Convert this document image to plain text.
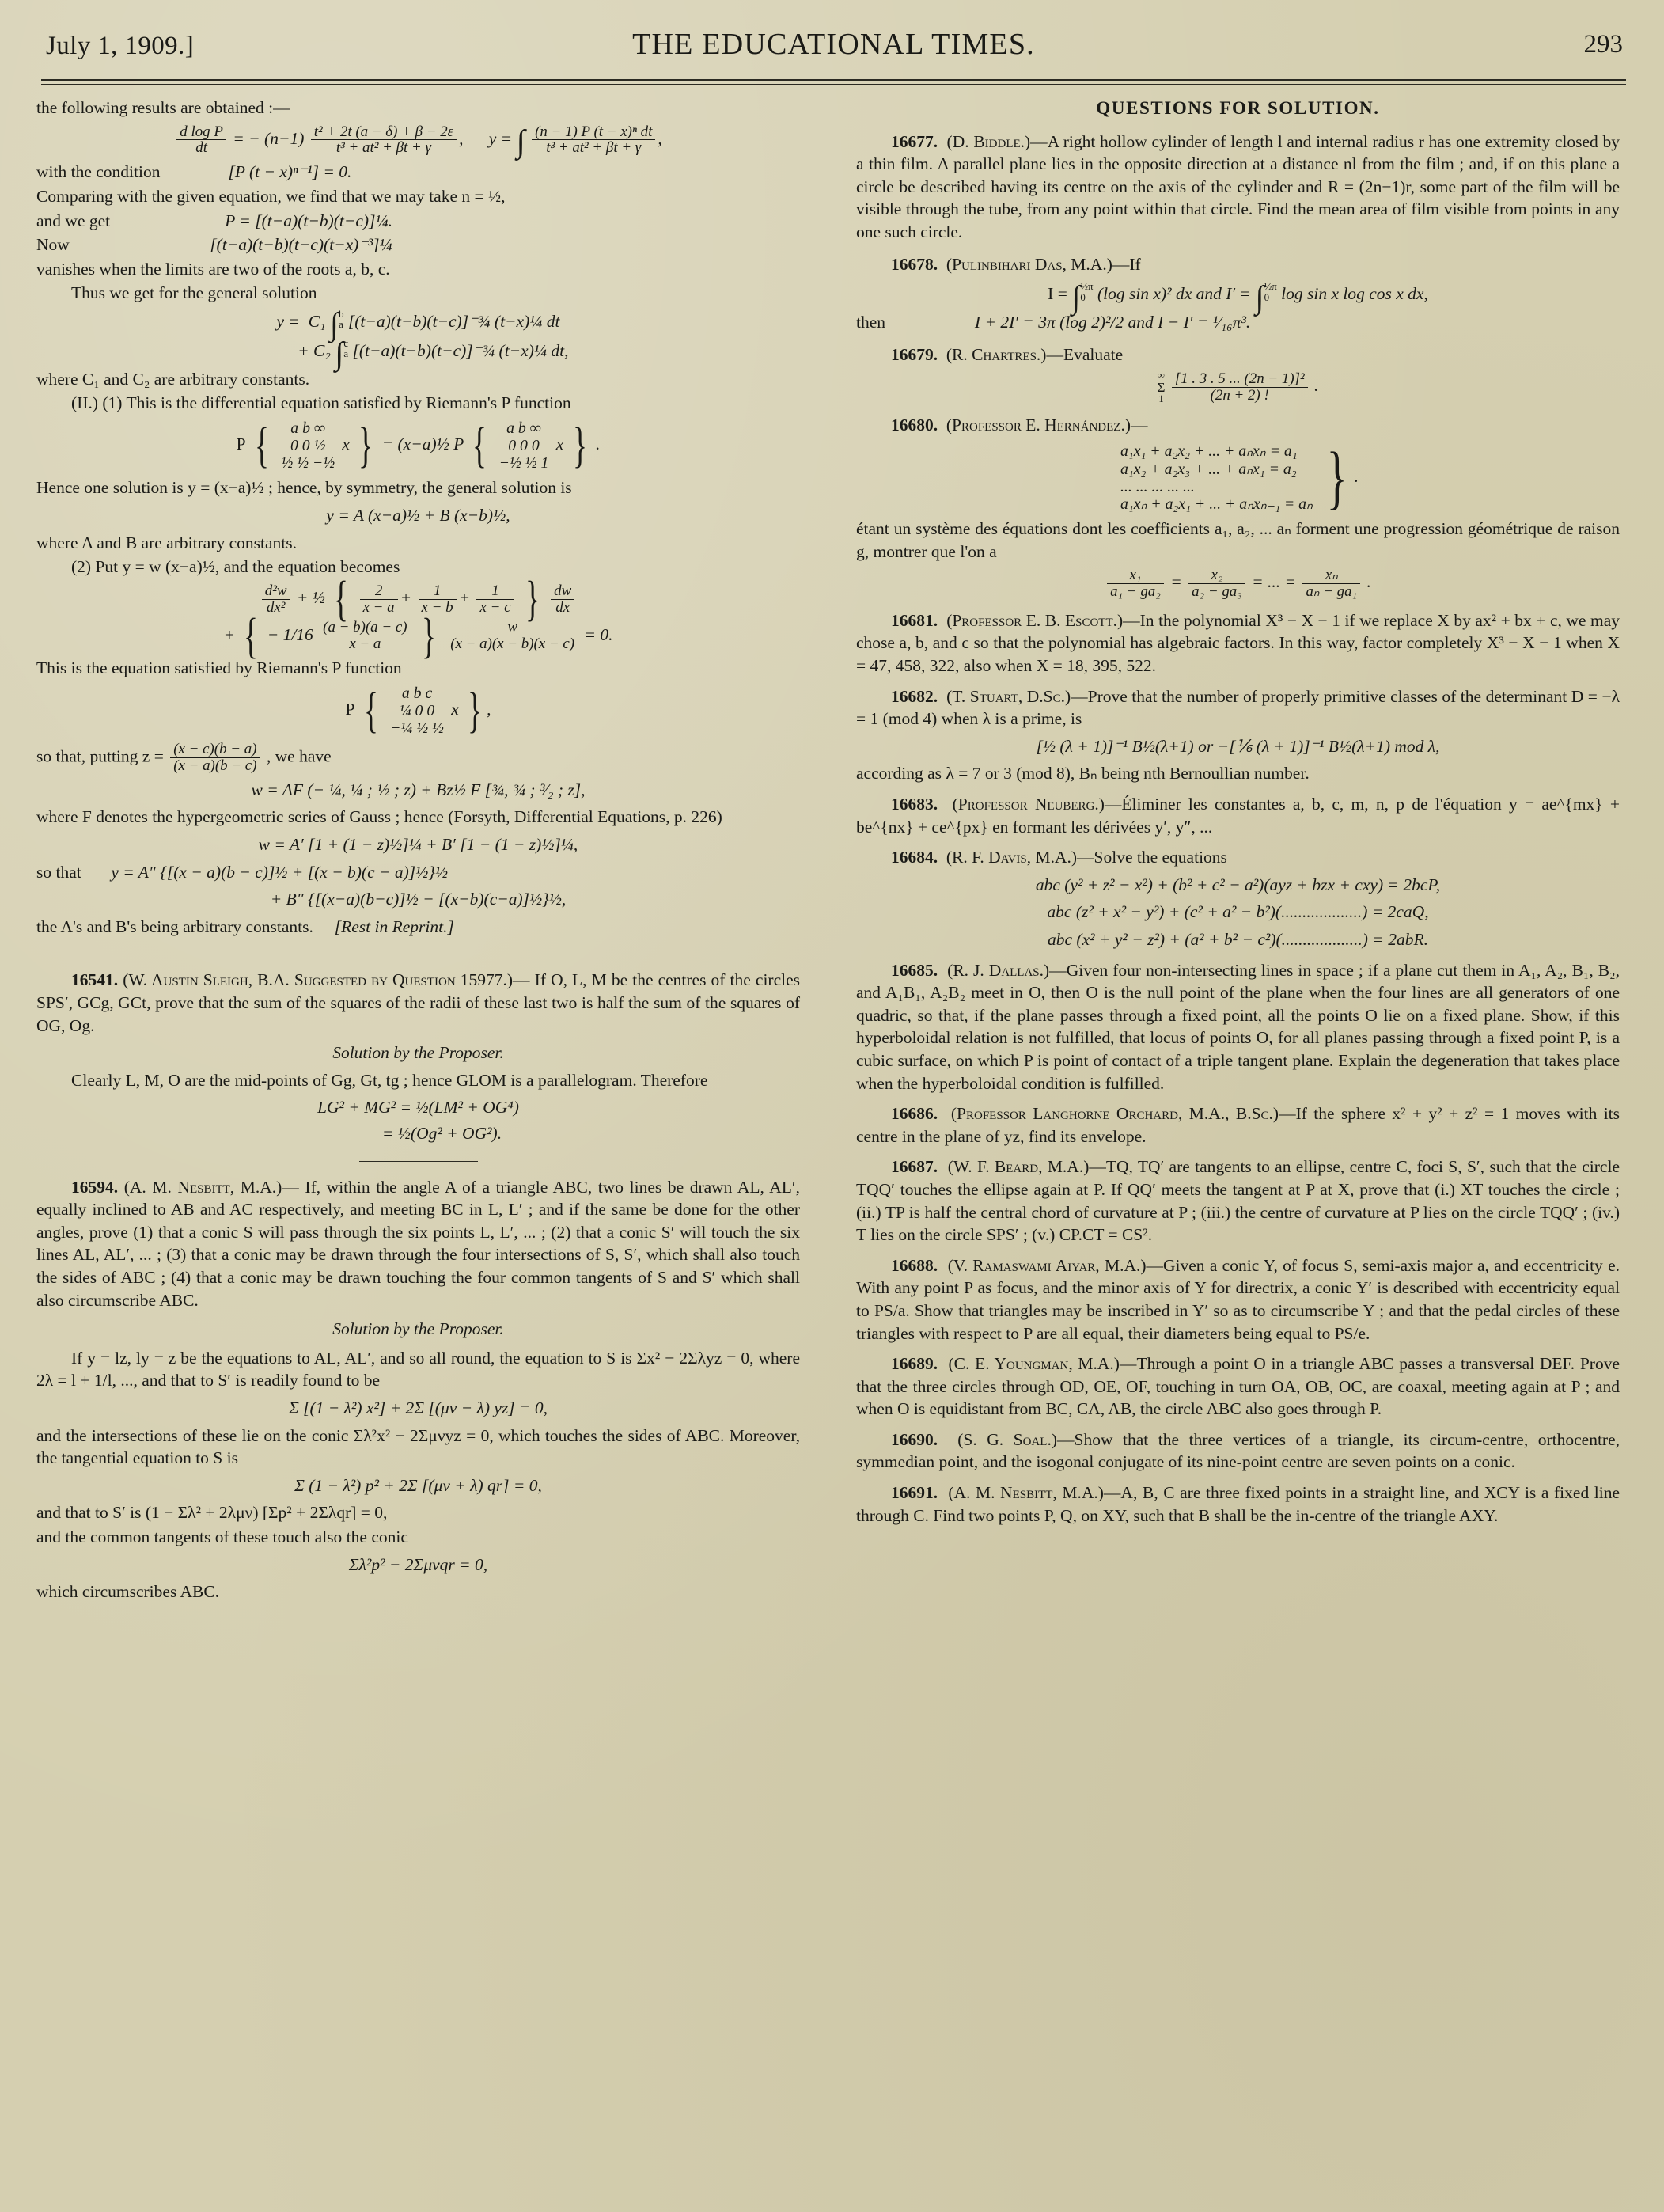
July 1, 1909.]	THE EDUCATIONAL TIMES.	293

the following results are obtained :—

$\frac{\text{d log P}}{dt}$ = − $(n-1) \frac{\text{t² + 2t (a − δ) + β − 2ε}}{\text{t³ + at² + βt + γ}}$ ,      y = ∫ $\frac{\text{(n − 1) P (t − x)ⁿ dt}}{\text{t³ + at² + βt + γ}}$ ,

with the condition	[P (t − x)ⁿ⁻¹] = 0.

Comparing with the given equation, we find that we may take n = ½,

and we get	P = [(t−a)(t−b)(t−c)]¼.

Now	[(t−a)(t−b)(t−c)(t−x)⁻³]¼

vanishes when the limits are two of the roots a, b, c.

Thus we get for the general solution

y = C₁ ∫ b
a [(t−a)(t−b)(t−c)]⁻¾ (t−x)¼ dt
+ C₂ ∫ c
a [(t−a)(t−b)(t−c)]⁻¾ (t−x)¼ dt,

where C₁ and C₂ are arbitrary constants.

(II.) (1) This is the differential equation satisfied by Riemann's P function

P { a b ∞
0 0 ½
½ ½ −½ x } = (x−a)½ P { a b ∞
0 0 0
−½ ½ 1 x } .

Hence one solution is y = (x−a)½ ; hence, by symmetry, the general solution is

y = A (x−a)½ + B (x−b)½,

where A and B are arbitrary constants.

(2) Put y = w (x−a)½, and the equation becomes

$\frac{\text{d²w}}{\text{dx²}}$ + ½ { $\frac{2}{x - a} + \frac{1}{x - b} + \frac{1}{x - c}$ } $\frac{dw}{dx}$
+ { − $1/16 \frac{(a - b)(a - c)}{x - a}$ } $\frac{w}{(x - a)(x - b)(x - c)} = 0$.

This is the equation satisfied by Riemann's P function

P { a b c
¼ 0 0
−¼ ½ ½ x } ,

so that, putting $z = \frac{(x - c)(b - a)}{(x - a)(b - c)}$ , we have

w = AF (− ¼, ¼ ; ½ ; z) + Bz½ F [¾, ¾ ; ³⁄₂ ; z],

where F denotes the hypergeometric series of Gauss ; hence (Forsyth, Differential Equations, p. 226)

w = A′ [1 + (1 − z)½]¼ + B′ [1 − (1 − z)½]¼,

so that y = A″ {[(x − a)(b − c)]½ + [(x − b)(c − a)]½}½

+ B″ {[(x−a)(b−c)]½ − [(x−b)(c−a)]½}½,

the A's and B's being arbitrary constants. [Rest in Reprint.]

16541. (W. Austin Sleigh, B.A. Suggested by Question 15977.)— If O, L, M be the centres of the circles SPS′, GCg, GCt, prove that the sum of the squares of the radii of these last two is half the sum of the squares of OG, Og.

Solution by the Proposer.

Clearly L, M, O are the mid-points of Gg, Gt, tg ; hence GLOM is a parallelogram. Therefore

LG² + MG² = ½(LM² + OG⁴)
= ½(Og² + OG²).

16594. (A. M. Nesbitt, M.A.)— If, within the angle A of a triangle ABC, two lines be drawn AL, AL′, equally inclined to AB and AC respectively, and meeting BC in L, L′ ; and if the same be done for the other angles, prove (1) that a conic S will pass through the six points L, L′, ... ; (2) that a conic S′ will touch the six lines AL, AL′, ... ; (3) that a conic may be drawn through the four intersections of S, S′, which shall also touch the sides of ABC ; (4) that a conic may be drawn touching the four common tangents of S and S′ which shall also circumscribe ABC.

Solution by the Proposer.

If y = lz, ly = z be the equations to AL, AL′, and so all round, the equation to S is Σx² − 2Σλyz = 0, where 2λ = l + 1/l, ..., and that to S′ is readily found to be

Σ [(1 − λ²) x²] + 2Σ [(μν − λ) yz] = 0,

and the intersections of these lie on the conic Σλ²x² − 2Σμνyz = 0, which touches the sides of ABC. Moreover, the tangential equation to S is

Σ (1 − λ²) p² + 2Σ [(μν + λ) qr] = 0,

and that to S′ is (1 − Σλ² + 2λμν) [Σp² + 2Σλqr] = 0,

and the common tangents of these touch also the conic

Σλ²p² − 2Σμνqr = 0,

which circumscribes ABC.

QUESTIONS FOR SOLUTION.

16677. (D. Biddle.)—A right hollow cylinder of length l and internal radius r has one extremity closed by a thin film. A parallel plane lies in the opposite direction at a distance nl from the film ; and, if on this plane a circle be described having its centre on the axis of the cylinder and R = (2n−1)r, some part of the film will be visible through the tube, from any point within that circle. Find the mean area of film visible from points in any one such circle.

16678. (Pulinbihari Das, M.A.)—If

I = ∫ ½π
0 (log sin x)² dx and I′ = ∫ ½π
0 log sin x log cos x dx,

then	I + 2I′ = 3π (log 2)²/2 and I − I′ = ¹⁄₁₆π³.

16679. (R. Chartres.)—Evaluate

∞
Σ
$1 \frac{\text{[1 . 3 . 5 ... (2n − 1)]²}}{(2n + 2) !}$ .

16680. (Professor E. Hernández.)—

a₁x₁ + a₂x₂ + ... + aₙxₙ = a₁
a₁x₂ + a₂x₃ + ... + aₙx₁ = a₂
... ... ... ... ...
a₁xₙ + a₂x₁ + ... + aₙxₙ₋₁ = aₙ } .

étant un système des équations dont les coefficients a₁, a₂, ... aₙ forment une progression géométrique de raison g, montrer que l'on a

$\frac{\text{x₁}}{\text{a₁ − ga₂}} = \frac{\text{x₂}}{\text{a₂ − ga₃}}$ = ... = $\frac{\text{xₙ}}{\text{aₙ − ga₁}}$ .

16681. (Professor E. B. Escott.)—In the polynomial X³ − X − 1 if we replace X by ax² + bx + c, we may chose a, b, and c so that the polynomial has algebraic factors. In this way, factor completely X³ − X − 1 when X = 47, 458, 322, also when X = 18, 395, 522.

16682. (T. Stuart, D.Sc.)—Prove that the number of properly primitive classes of the determinant D = −λ = 1 (mod 4) when λ is a prime, is

[½ (λ + 1)]⁻¹ B½(λ+1) or −[⅙ (λ + 1)]⁻¹ B½(λ+1) mod λ,

according as λ = 7 or 3 (mod 8), Bₙ being nth Bernoullian number.

16683. (Professor Neuberg.)—Éliminer les constantes a, b, c, m, n, p de l'équation y = ae^{mx} + be^{nx} + ce^{px} en formant les dérivées y′, y″, ...

16684. (R. F. Davis, M.A.)—Solve the equations

abc (y² + z² − x²) + (b² + c² − a²)(ayz + bzx + cxy) = 2bcP,
abc (z² + x² − y²) + (c² + a² − b²)(...................) = 2caQ,
abc (x² + y² − z²) + (a² + b² − c²)(...................) = 2abR.

16685. (R. J. Dallas.)—Given four non-intersecting lines in space ; if a plane cut them in A₁, A₂, B₁, B₂, and A₁B₁, A₂B₂ meet in O, then O is the null point of the plane when the four lines are all generators of one quadric, so that, if the plane passes through a fixed point, all the points O lie on a fixed plane. Show, if this hyperboloidal relation is not fulfilled, that locus of points O, for all planes passing through a fixed point P, is a cubic surface, on which P is point of contact of a triple tangent plane. Explain the degeneration that takes place when the hyperboloidal condition is fulfilled.

16686. (Professor Langhorne Orchard, M.A., B.Sc.)—If the sphere x² + y² + z² = 1 moves with its centre in the plane of yz, find its envelope.

16687. (W. F. Beard, M.A.)—TQ, TQ′ are tangents to an ellipse, centre C, foci S, S′, such that the circle TQQ′ touches the ellipse again at P. If QQ′ meets the tangent at P at X, prove that (i.) XT touches the circle ; (ii.) TP is half the central chord of curvature at P ; (iii.) the centre of curvature at P lies on the circle TQQ′ ; (iv.) T lies on the circle SPS′ ; (v.) CP.CT = CS².

16688. (V. Ramaswami Aiyar, M.A.)—Given a conic Y, of focus S, semi-axis major a, and eccentricity e. With any point P as focus, and the minor axis of Y for directrix, a conic Y′ is described with eccentricity equal to PS/a. Show that triangles may be inscribed in Y′ so as to circumscribe Y ; and that the pedal circles of these triangles with respect to P are all equal, their diameters being equal to PS/e.

16689. (C. E. Youngman, M.A.)—Through a point O in a triangle ABC passes a transversal DEF. Prove that the three circles through OD, OE, OF, touching in turn OA, OB, OC, are coaxal, meeting again at P ; and when O is equidistant from BC, CA, AB, the circle ABC also goes through P.

16690. (S. G. Soal.)—Show that the three vertices of a triangle, its circum-centre, orthocentre, symmedian point, and the isogonal conjugate of its nine-point centre are seven points on a conic.

16691. (A. M. Nesbitt, M.A.)—A, B, C are three fixed points in a straight line, and XCY is a fixed line through C. Find two points P, Q, on XY, such that B shall be the in-centre of the triangle AXY.
